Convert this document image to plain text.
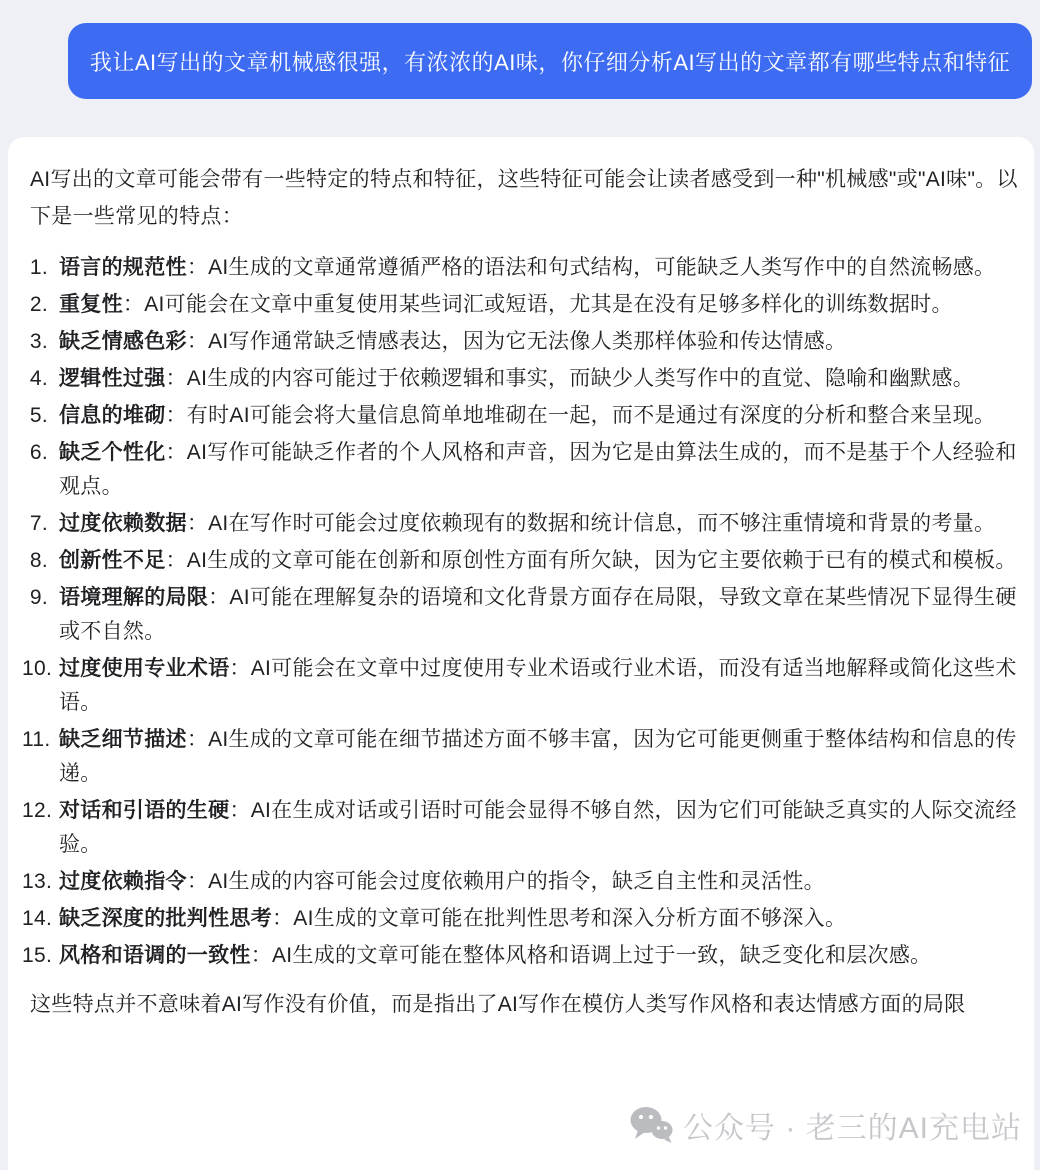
我让AI写出的文章机械感很强，有浓浓的AI味，你仔细分析AI写出的文章都有哪些特点和特征

AI写出的文章可能会带有一些特定的特点和特征，这些特征可能会让读者感受到一种"机械感"或"AI味"。以下是一些常见的特点：

语言的规范性：AI生成的文章通常遵循严格的语法和句式结构，可能缺乏人类写作中的自然流畅感。
重复性：AI可能会在文章中重复使用某些词汇或短语，尤其是在没有足够多样化的训练数据时。
缺乏情感色彩：AI写作通常缺乏情感表达，因为它无法像人类那样体验和传达情感。
逻辑性过强：AI生成的内容可能过于依赖逻辑和事实，而缺少人类写作中的直觉、隐喻和幽默感。
信息的堆砌：有时AI可能会将大量信息简单地堆砌在一起，而不是通过有深度的分析和整合来呈现。
缺乏个性化：AI写作可能缺乏作者的个人风格和声音，因为它是由算法生成的，而不是基于个人经验和观点。
过度依赖数据：AI在写作时可能会过度依赖现有的数据和统计信息，而不够注重情境和背景的考量。
创新性不足：AI生成的文章可能在创新和原创性方面有所欠缺，因为它主要依赖于已有的模式和模板。
语境理解的局限：AI可能在理解复杂的语境和文化背景方面存在局限，导致文章在某些情况下显得生硬或不自然。
过度使用专业术语：AI可能会在文章中过度使用专业术语或行业术语，而没有适当地解释或简化这些术语。
缺乏细节描述：AI生成的文章可能在细节描述方面不够丰富，因为它可能更侧重于整体结构和信息的传递。
对话和引语的生硬：AI在生成对话或引语时可能会显得不够自然，因为它们可能缺乏真实的人际交流经验。
过度依赖指令：AI生成的内容可能会过度依赖用户的指令，缺乏自主性和灵活性。
缺乏深度的批判性思考：AI生成的文章可能在批判性思考和深入分析方面不够深入。
风格和语调的一致性：AI生成的文章可能在整体风格和语调上过于一致，缺乏变化和层次感。

这些特点并不意味着AI写作没有价值，而是指出了AI写作在模仿人类写作风格和表达情感方面的局限

公众号 · 老三的AI充电站
